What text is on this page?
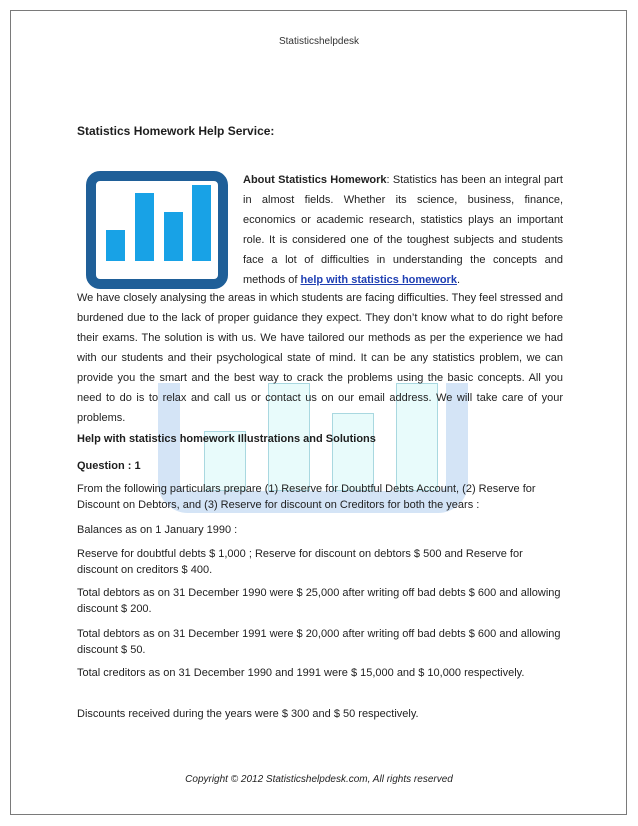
Statisticshelpdesk
Statistics Homework Help Service:
About Statistics Homework: Statistics has been an integral part in almost fields. Whether its science, business, finance, economics or academic research, statistics plays an important role. It is considered one of the toughest subjects and students face a lot of difficulties in understanding the concepts and methods of help with statistics homework.
We have closely analysing the areas in which students are facing difficulties. They feel stressed and burdened due to the lack of proper guidance they expect. They don’t know what to do right before their exams. The solution is with us. We have tailored our methods as per the experience we had with our students and their psychological state of mind. It can be any statistics problem, we can provide you the smart and the best way to crack the problems using the basic concepts. All you need to do is to relax and call us or contact us on our email address. We will take care of your problems.
Help with statistics homework Illustrations and Solutions
Question : 1
From the following particulars prepare (1) Reserve for Doubtful Debts Account, (2) Reserve for Discount on Debtors, and (3) Reserve for discount on Creditors for both the years :
Balances as on 1 January 1990 :
Reserve for doubtful debts $ 1,000 ; Reserve for discount on debtors $ 500 and Reserve for discount on creditors $ 400.
Total debtors as on 31 December 1990 were $ 25,000 after writing off bad debts $ 600 and allowing discount $ 200.
Total debtors as on 31 December 1991 were $ 20,000 after writing off bad debts $ 600 and allowing discount $ 50.
Total creditors as on 31 December 1990 and 1991 were $ 15,000 and $ 10,000 respectively.
Discounts received during the years were $ 300 and $ 50 respectively.
Copyright © 2012 Statisticshelpdesk.com, All rights reserved
